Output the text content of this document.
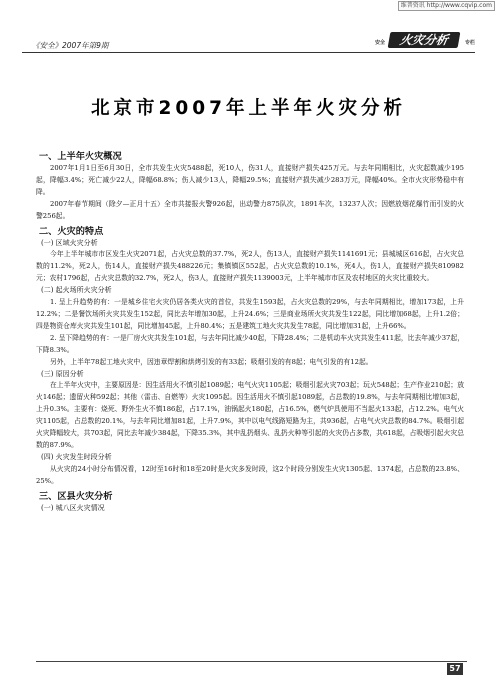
维普资讯 http://www.cqvip.com
《安全》2007年第9期	安全	火灾分析	专栏
北京市2007年上半年火灾分析

一、上半年火灾概况

2007年1月1日至6月30日，全市共发生火灾5488起，死10人，伤31人，直接财产损失425万元。与去年同期相比，火灾起数减少195起，降幅3.4%；死亡减少22人，降幅68.8%；伤人减少13人，降幅29.5%；直接财产损失减少283万元，降幅40%。全市火灾形势稳中有降。

2007年春节期间（除夕—正月十五）全市共接报火警926起，出动警力875队次，1891车次，13237人次；因燃放烟花爆竹而引发的火警256起。

二、火灾的特点

(一) 区域火灾分析

今年上半年城市市区发生火灾2071起，占火灾总数的37.7%，死2人，伤13人，直接财产损失1141691元；县城城区616起，占火灾总数的11.2%，死2人，伤14人，直接财产损失488226元；集镇镇区552起，占火灾总数的10.1%，死4人，伤1人，直接财产损失810982元；农村1796起，占火灾总数的32.7%，死2人，伤3人，直接财产损失1139003元，上半年城市市区及农村地区的火灾比重较大。

(二) 起火场所火灾分析

1. 呈上升趋势的有：一是城乡住宅火灾仍居各类火灾的首位，共发生1593起，占火灾总数的29%，与去年同期相比，增加173起，上升12.2%；二是餐饮场所火灾共发生152起，同比去年增加30起，上升24.6%；三是商业场所火灾共发生122起，同比增加68起，上升1.2倍；四是物资仓库火灾共发生101起，同比增加45起，上升80.4%；五是建筑工地火灾共发生78起，同比增加31起，上升66%。

2. 呈下降趋势的有：一是厂房火灾共发生101起，与去年同比减少40起，下降28.4%；二是机动车火灾共发生411起，比去年减少37起，下降8.3%。

另外，上半年78起工地火灾中，因违章焊割和烘烤引发的有33起；吸烟引发的有8起；电气引发的有12起。

(三) 原因分析

在上半年火灾中，主要原因是：因生活用火不慎引起1089起；电气火灾1105起；吸烟引起火灾703起；玩火548起；生产作业210起；放火146起；遗留火种592起；其他（雷击、自燃等）火灾1095起。因生活用火不慎引起1089起，占总数的19.8%，与去年同期相比增加3起，上升0.3%。主要有：烧死、野外生火不慎186起，占17.1%，油锅起火180起，占16.5%，燃气炉具使用不当起火133起，占12.2%。电气火灾1105起，占总数的20.1%，与去年同比增加81起，上升7.9%，其中以电气线路短路为主，共936起，占电气火灾总数的84.7%。吸烟引起火灾降幅较大，共703起，同比去年减少384起，下降35.3%，其中乱扔烟头、乱扔火种等引起的火灾仍占多数，共618起，占吸烟引起火灾总数的87.9%。

(四) 火灾发生时段分析

从火灾的24小时分布情况看，12时至16时和18至20时是火灾多发时段，这2个时段分别发生火灾1305起、1374起，占总数的23.8%、25%。

三、区县火灾分析

(一) 城八区火灾情况

57
